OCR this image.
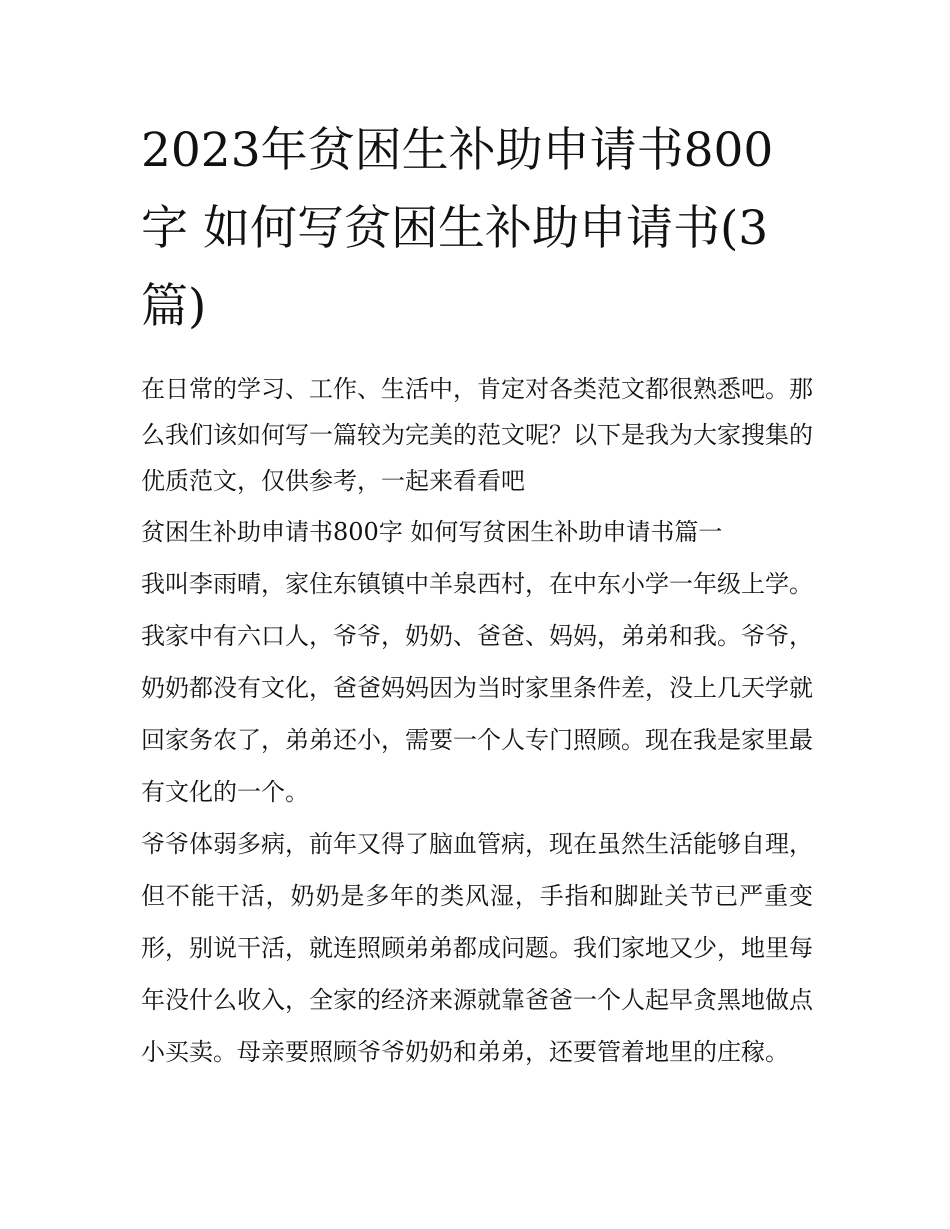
2023年贫困生补助申请书800字 如何写贫困生补助申请书(3篇)

在日常的学习、工作、生活中，肯定对各类范文都很熟悉吧。那么我们该如何写一篇较为完美的范文呢？以下是我为大家搜集的优质范文，仅供参考，一起来看看吧

贫困生补助申请书800字 如何写贫困生补助申请书篇一

我叫李雨晴，家住东镇镇中羊泉西村，在中东小学一年级上学。我家中有六口人，爷爷，奶奶、爸爸、妈妈，弟弟和我。爷爷，奶奶都没有文化，爸爸妈妈因为当时家里条件差，没上几天学就回家务农了，弟弟还小，需要一个人专门照顾。现在我是家里最有文化的一个。

爷爷体弱多病，前年又得了脑血管病，现在虽然生活能够自理，但不能干活，奶奶是多年的类风湿，手指和脚趾关节已严重变形，别说干活，就连照顾弟弟都成问题。我们家地又少，地里每年没什么收入，全家的经济来源就靠爸爸一个人起早贪黑地做点小买卖。母亲要照顾爷爷奶奶和弟弟，还要管着地里的庄稼。
